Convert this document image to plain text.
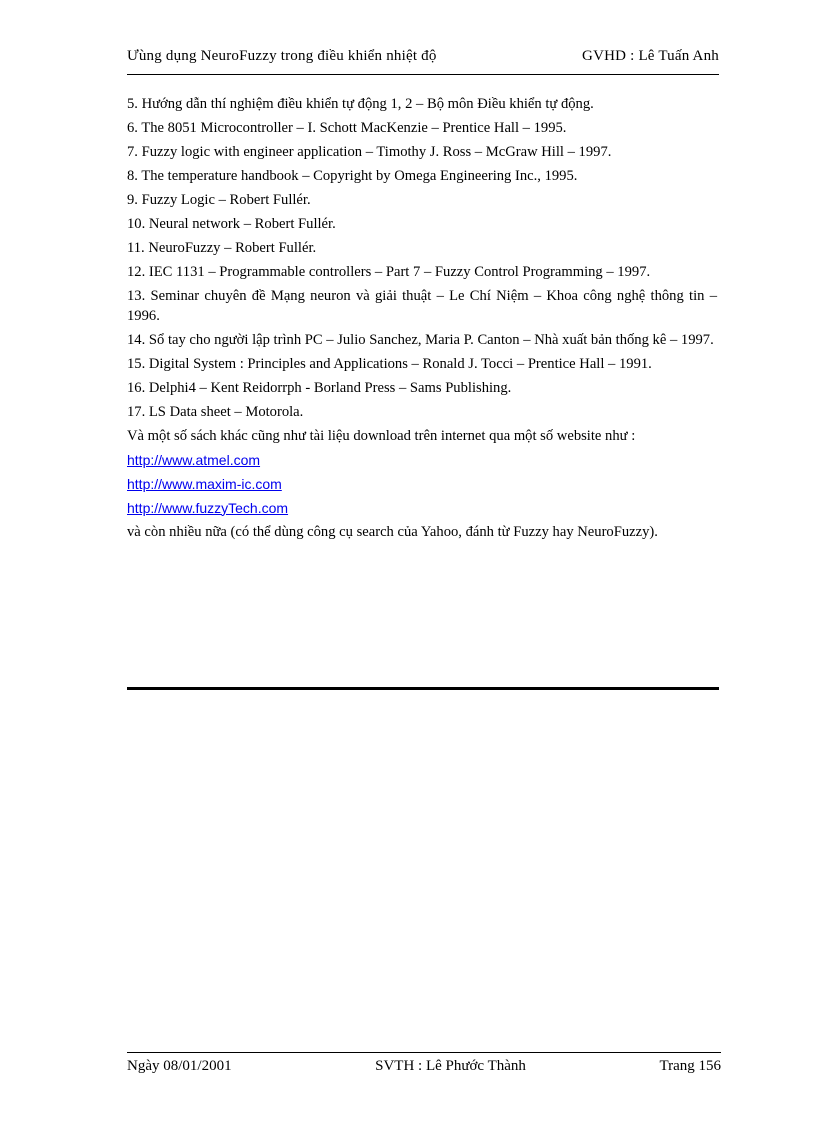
Ưùng dụng NeuroFuzzy trong điều khiển nhiệt độ	GVHD : Lê Tuấn Anh
5. Hướng dẫn thí nghiệm điều khiển tự động 1, 2 – Bộ môn Điều khiển tự động.
6. The 8051 Microcontroller – I. Schott MacKenzie – Prentice Hall – 1995.
7. Fuzzy logic with engineer application – Timothy J. Ross – McGraw Hill – 1997.
8. The temperature handbook – Copyright by Omega Engineering Inc., 1995.
9. Fuzzy Logic – Robert Fullér.
10. Neural network – Robert Fullér.
11. NeuroFuzzy – Robert Fullér.
12. IEC 1131 – Programmable controllers – Part 7 – Fuzzy Control Programming – 1997.
13. Seminar chuyên đề Mạng neuron và giải thuật – Le Chí Niệm – Khoa công nghệ thông tin – 1996.
14. Sổ tay cho người lập trình PC – Julio Sanchez, Maria P. Canton – Nhà xuất bản thống kê – 1997.
15. Digital System : Principles and Applications – Ronald J. Tocci – Prentice Hall – 1991.
16. Delphi4 – Kent Reidorrph - Borland Press – Sams Publishing.
17. LS Data sheet – Motorola.
Và một số sách khác cũng như tài liệu download trên internet qua một số website như :
http://www.atmel.com
http://www.maxim-ic.com
http://www.fuzzyTech.com
và còn nhiều nữa (có thể dùng công cụ search của Yahoo, đánh từ Fuzzy hay NeuroFuzzy).
Ngày 08/01/2001	SVTH : Lê Phước Thành	Trang 156
